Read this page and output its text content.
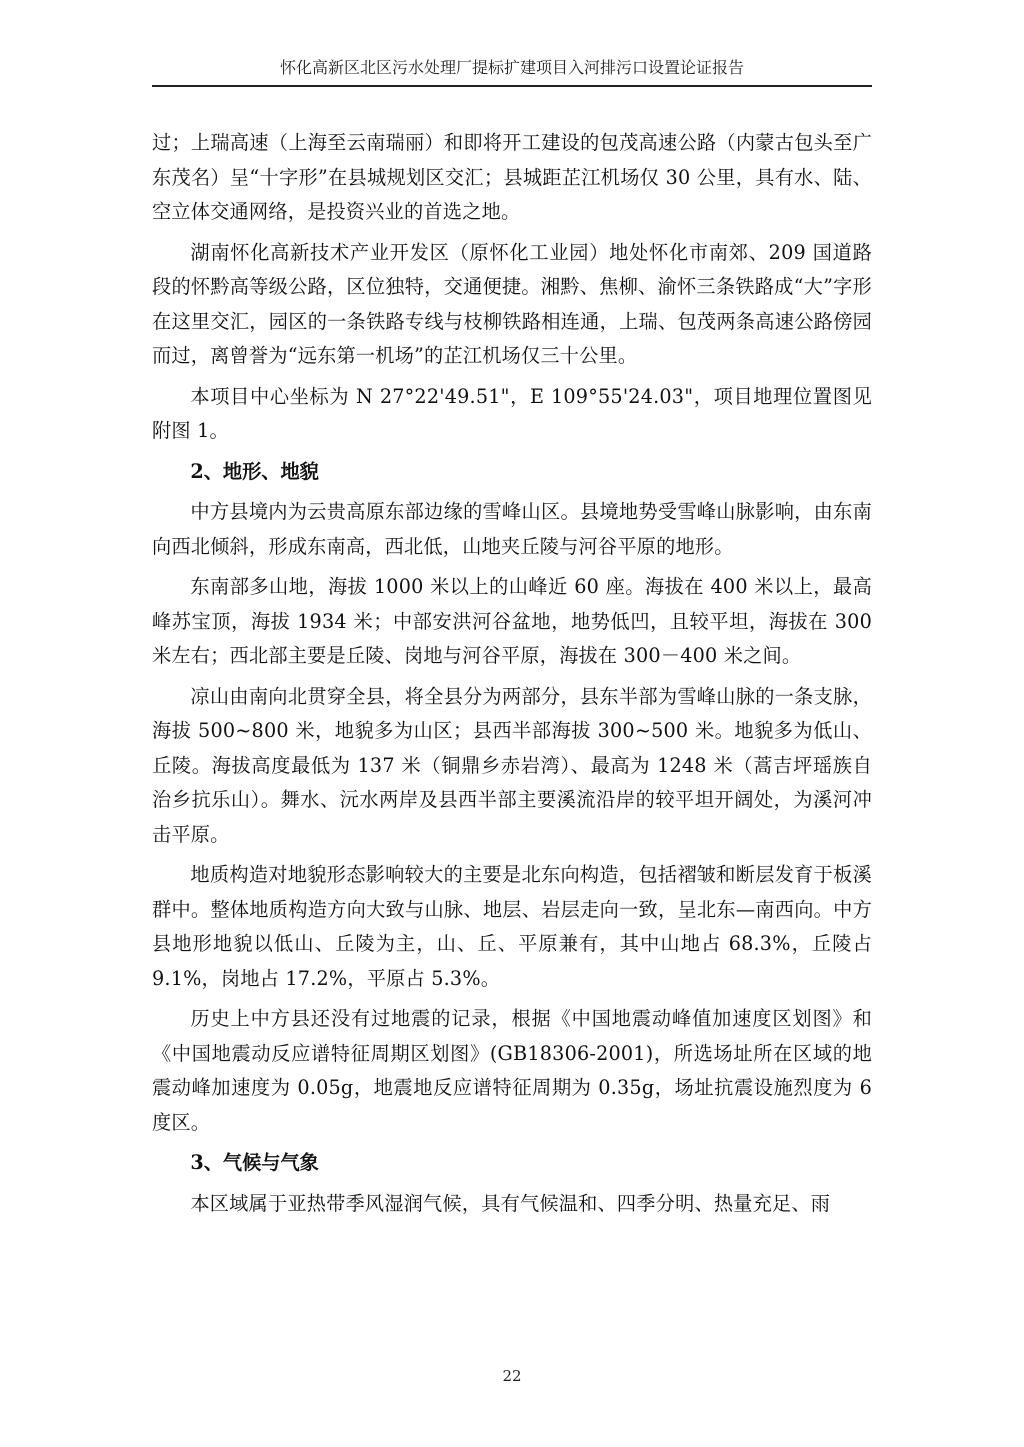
怀化高新区北区污水处理厂提标扩建项目入河排污口设置论证报告

过；上瑞高速（上海至云南瑞丽）和即将开工建设的包茂高速公路（内蒙古包头至广东茂名）呈“十字形”在县城规划区交汇；县城距芷江机场仅 30 公里，具有水、陆、空立体交通网络，是投资兴业的首选之地。

湖南怀化高新技术产业开发区（原怀化工业园）地处怀化市南郊、209 国道路段的怀黔高等级公路，区位独特，交通便捷。湘黔、焦柳、渝怀三条铁路成“大”字形在这里交汇，园区的一条铁路专线与枝柳铁路相连通，上瑞、包茂两条高速公路傍园而过，离曾誉为“远东第一机场”的芷江机场仅三十公里。

本项目中心坐标为 N 27°22'49.51"，E 109°55'24.03"，项目地理位置图见附图 1。

2、地形、地貌

中方县境内为云贵高原东部边缘的雪峰山区。县境地势受雪峰山脉影响，由东南向西北倾斜，形成东南高，西北低，山地夹丘陵与河谷平原的地形。

东南部多山地，海拔 1000 米以上的山峰近 60 座。海拔在 400 米以上，最高峰苏宝顶，海拔 1934 米；中部安洪河谷盆地，地势低凹，且较平坦，海拔在 300 米左右；西北部主要是丘陵、岗地与河谷平原，海拔在 300－400 米之间。

凉山由南向北贯穿全县，将全县分为两部分，县东半部为雪峰山脉的一条支脉，海拔 500~800 米，地貌多为山区；县西半部海拔 300~500 米。地貌多为低山、丘陵。海拔高度最低为 137 米（铜鼎乡赤岩湾）、最高为 1248 米（蒿吉坪瑶族自治乡抗乐山）。舞水、沅水两岸及县西半部主要溪流沿岸的较平坦开阔处，为溪河冲击平原。

地质构造对地貌形态影响较大的主要是北东向构造，包括褶皱和断层发育于板溪群中。整体地质构造方向大致与山脉、地层、岩层走向一致，呈北东—南西向。中方县地形地貌以低山、丘陵为主，山、丘、平原兼有，其中山地占 68.3%，丘陵占 9.1%，岗地占 17.2%，平原占 5.3%。

历史上中方县还没有过地震的记录，根据《中国地震动峰值加速度区划图》和《中国地震动反应谱特征周期区划图》(GB18306-2001)，所选场址所在区域的地震动峰加速度为 0.05g，地震地反应谱特征周期为 0.35g，场址抗震设施烈度为 6 度区。

3、气候与气象

本区域属于亚热带季风湿润气候，具有气候温和、四季分明、热量充足、雨

22
